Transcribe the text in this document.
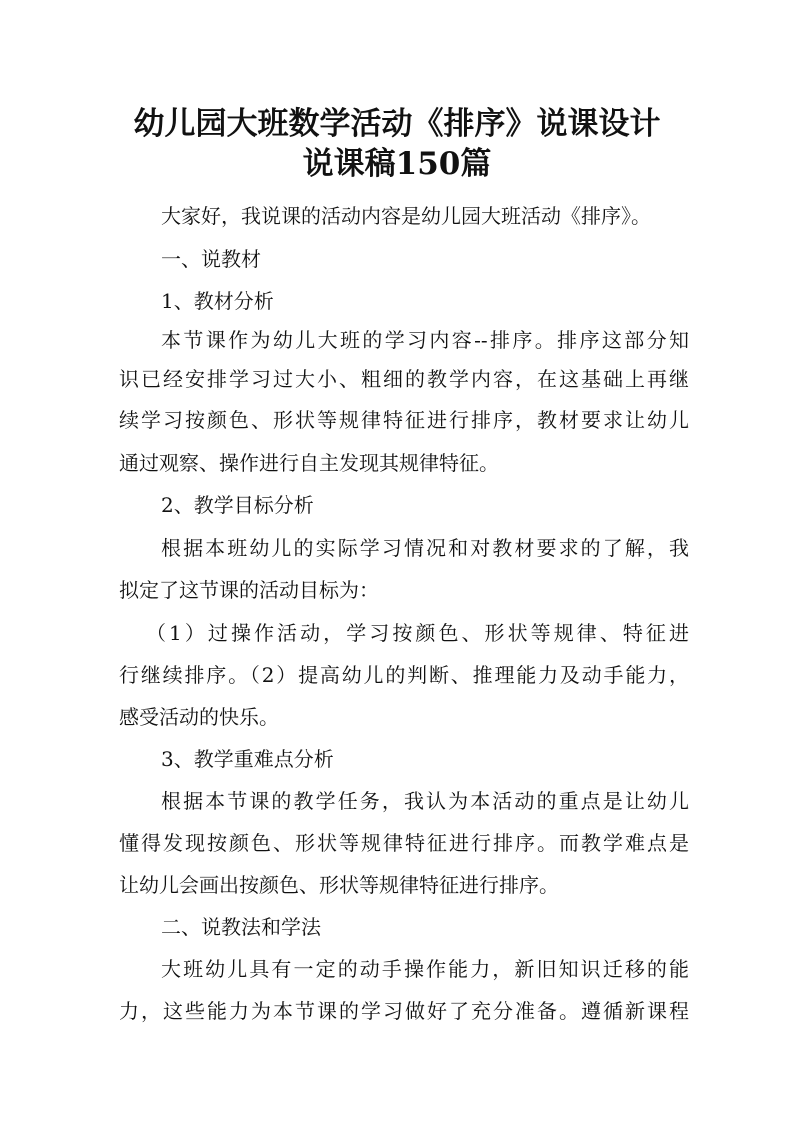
幼儿园大班数学活动《排序》说课设计
说课稿150篇

大家好，我说课的活动内容是幼儿园大班活动《排序》。

一、说教材

1、教材分析

本节课作为幼儿大班的学习内容--排序。排序这部分知

识已经安排学习过大小、粗细的教学内容，在这基础上再继

续学习按颜色、形状等规律特征进行排序，教材要求让幼儿

通过观察、操作进行自主发现其规律特征。

2、教学目标分析

根据本班幼儿的实际学习情况和对教材要求的了解，我

拟定了这节课的活动目标为：

（1）过操作活动，学习按颜色、形状等规律、特征进

行继续排序。（2）提高幼儿的判断、推理能力及动手能力，

感受活动的快乐。

3、教学重难点分析

根据本节课的教学任务，我认为本活动的重点是让幼儿

懂得发现按颜色、形状等规律特征进行排序。而教学难点是

让幼儿会画出按颜色、形状等规律特征进行排序。

二、说教法和学法

大班幼儿具有一定的动手操作能力，新旧知识迁移的能

力，这些能力为本节课的学习做好了充分准备。遵循新课程
